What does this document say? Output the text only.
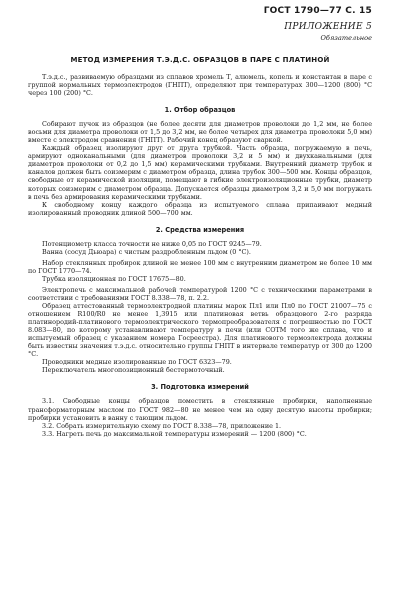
ГОСТ 1790—77 С. 15
ПРИЛОЖЕНИЕ 5
Обязательное
МЕТОД ИЗМЕРЕНИЯ Т.Э.Д.С. ОБРАЗЦОВ В ПАРЕ С ПЛАТИНОЙ

Т.э.д.с., развиваемую образцами из сплавов хромель Т, алюмель, копель и константан в паре с группой нормальных термоэлектродов (ГНПТ), определяют при температурах 300—1200 (800) °С через 100 (200) °С.

1. Отбор образцов

Собирают пучок из образцов (не более десяти для диаметров проволоки до 1,2 мм, не более восьми для диаметра проволоки от 1,5 до 3,2 мм, не более четырех для диаметра проволоки 5,0 мм) вместе с электродом сравнения (ГНПТ). Рабочий конец образуют сваркой.

Каждый образец изолируют друг от друга трубкой. Часть образца, погружаемую в печь, армируют одноканальными (для диаметров проволоки 3,2 и 5 мм) и двухканальными (для диаметров проволоки от 0,2 до 1,5 мм) керамическими трубками. Внутренний диаметр трубок и каналов должен быть соизмерим с диаметром образца, длина трубок 300—500 мм. Концы образцов, свободные от керамической изоляции, помещают в гибкие электроизоляционные трубки, диаметр которых соизмерим с диаметром образца. Допускается образцы диаметром 3,2 и 5,0 мм погружать в печь без армирования керамическими трубками.

К свободному концу каждого образца из испытуемого сплава припаивают медный изолированный проводник длиной 500—700 мм.

2. Средства измерения

Потенциометр класса точности не ниже 0,05 по ГОСТ 9245—79.

Ванна (сосуд Дьюара) с чистым раздробленным льдом (0 °С).

Набор стеклянных пробирок длиной не менее 100 мм с внутренним диаметром не более 10 мм по ГОСТ 1770—74.

Трубка изоляционная по ГОСТ 17675—80.

Электропечь с максимальной рабочей температурой 1200 °С с техническими параметрами в соответствии с требованиями ГОСТ 8.338—78, п. 2.2.

Образец аттестованный термоэлектродной платины марок Пл1 или Пл0 по ГОСТ 21007—75 с отношением R100/R0 не менее 1,3915 или платиновая ветвь образцового 2-го разряда платинородий-платинового термоэлектрического термопреобразователя с погрешностью по ГОСТ 8.083—80, по которому устанавливают температуру в печи (или СОТМ того же сплава, что и испытуемый образец с указанием номера Госреестра). Для платинового термоэлектрода должны быть известны значения т.э.д.с. относительно группы ГНПТ в интервале температур от 300 до 1200 °С.

Проводники медные изолированные по ГОСТ 6323—79.

Переключатель многопозиционный бестермоточный.

3. Подготовка измерений

3.1. Свободные концы образцов поместить в стеклянные пробирки, наполненные трансформаторным маслом по ГОСТ 982—80 не менее чем на одну десятую высоты пробирки; пробирки установить в ванну с тающим льдом.

3.2. Собрать измерительную схему по ГОСТ 8.338—78, приложение 1.

3.3. Нагреть печь до максимальной температуры измерений — 1200 (800) °С.
